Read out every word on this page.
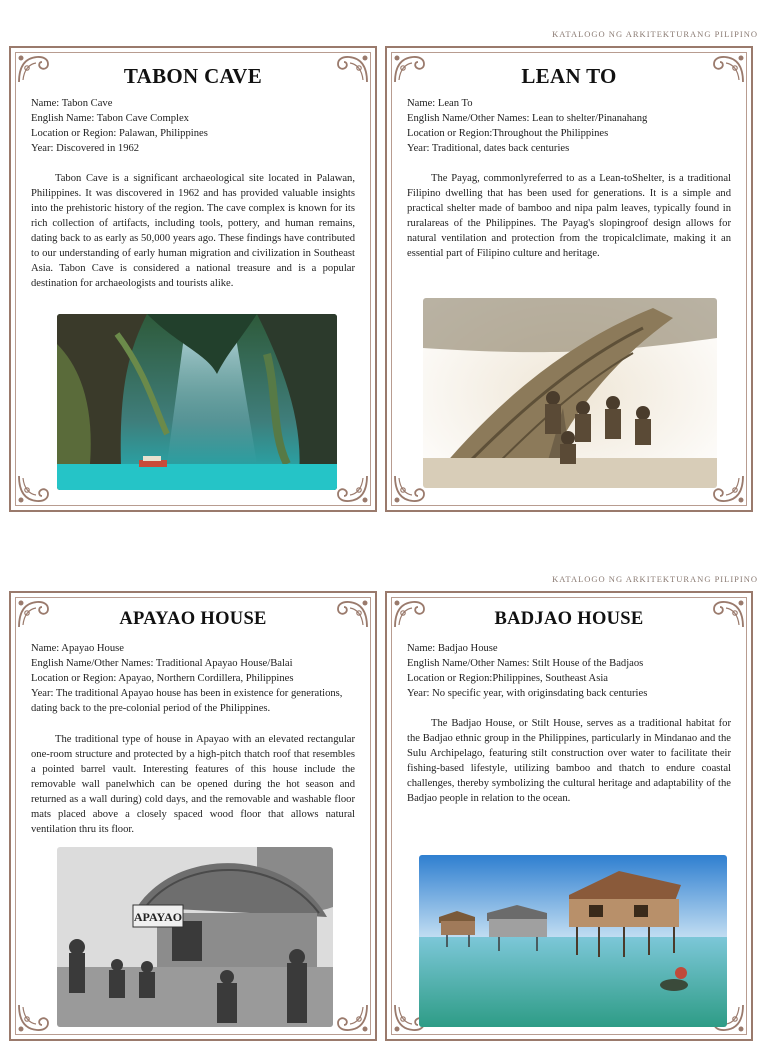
KATALOGO NG ARKITEKTURANG PILIPINO
KATALOGO NG ARKITEKTURANG PILIPINO
TABON CAVE
Name: Tabon Cave
English Name: Tabon Cave Complex
Location or Region: Palawan, Philippines
Year: Discovered in 1962

Tabon Cave is a significant archaeological site located in Palawan, Philippines. It was discovered in 1962 and has provided valuable insights into the prehistoric history of the region. The cave complex is known for its rich collection of artifacts, including tools, pottery, and human remains, dating back to as early as 50,000 years ago. These findings have contributed to our understanding of early human migration and civilization in Southeast Asia. Tabon Cave is considered a national treasure and is a popular destination for archaeologists and tourists alike.

LEAN TO
Name: Lean To
English Name/Other Names: Lean to shelter/Pinanahang
Location or Region:Throughout the Philippines
Year: Traditional, dates back centuries

The Payag, commonlyreferred to as a Lean-toShelter, is a traditional Filipino dwelling that has been used for generations. It is a simple and practical shelter made of bamboo and nipa palm leaves, typically found in ruralareas of the Philippines. The Payag's slopingroof design allows for natural ventilation and protection from the tropicalclimate, making it an essential part of Filipino culture and heritage.

APAYAO HOUSE
Name: Apayao House
English Name/Other Names: Traditional Apayao House/Balai
Location or Region: Apayao, Northern Cordillera, Philippines
Year: The traditional Apayao house has been in existence for generations, dating back to the pre-colonial period of the Philippines.

The traditional type of house in Apayao with an elevated rectangular one-room structure and protected by a high-pitch thatch roof that resembles a pointed barrel vault. Interesting features of this house include the removable wall panelwhich can be opened during the hot season and returned as a wall during) cold days, and the removable and washable floor mats placed above a closely spaced wood floor that allows natural ventilation thru its floor.

APAYAO
BADJAO HOUSE
Name: Badjao House
English Name/Other Names: Stilt House of the Badjaos
Location or Region:Philippines, Southeast Asia
Year: No specific year, with originsdating back centuries

The Badjao House, or Stilt House, serves as a traditional habitat for the Badjao ethnic group in the Philippines, particularly in Mindanao and the Sulu Archipelago, featuring stilt construction over water to facilitate their fishing-based lifestyle, utilizing bamboo and thatch to endure coastal challenges, thereby symbolizing the cultural heritage and adaptability of the Badjao people in relation to the ocean.
